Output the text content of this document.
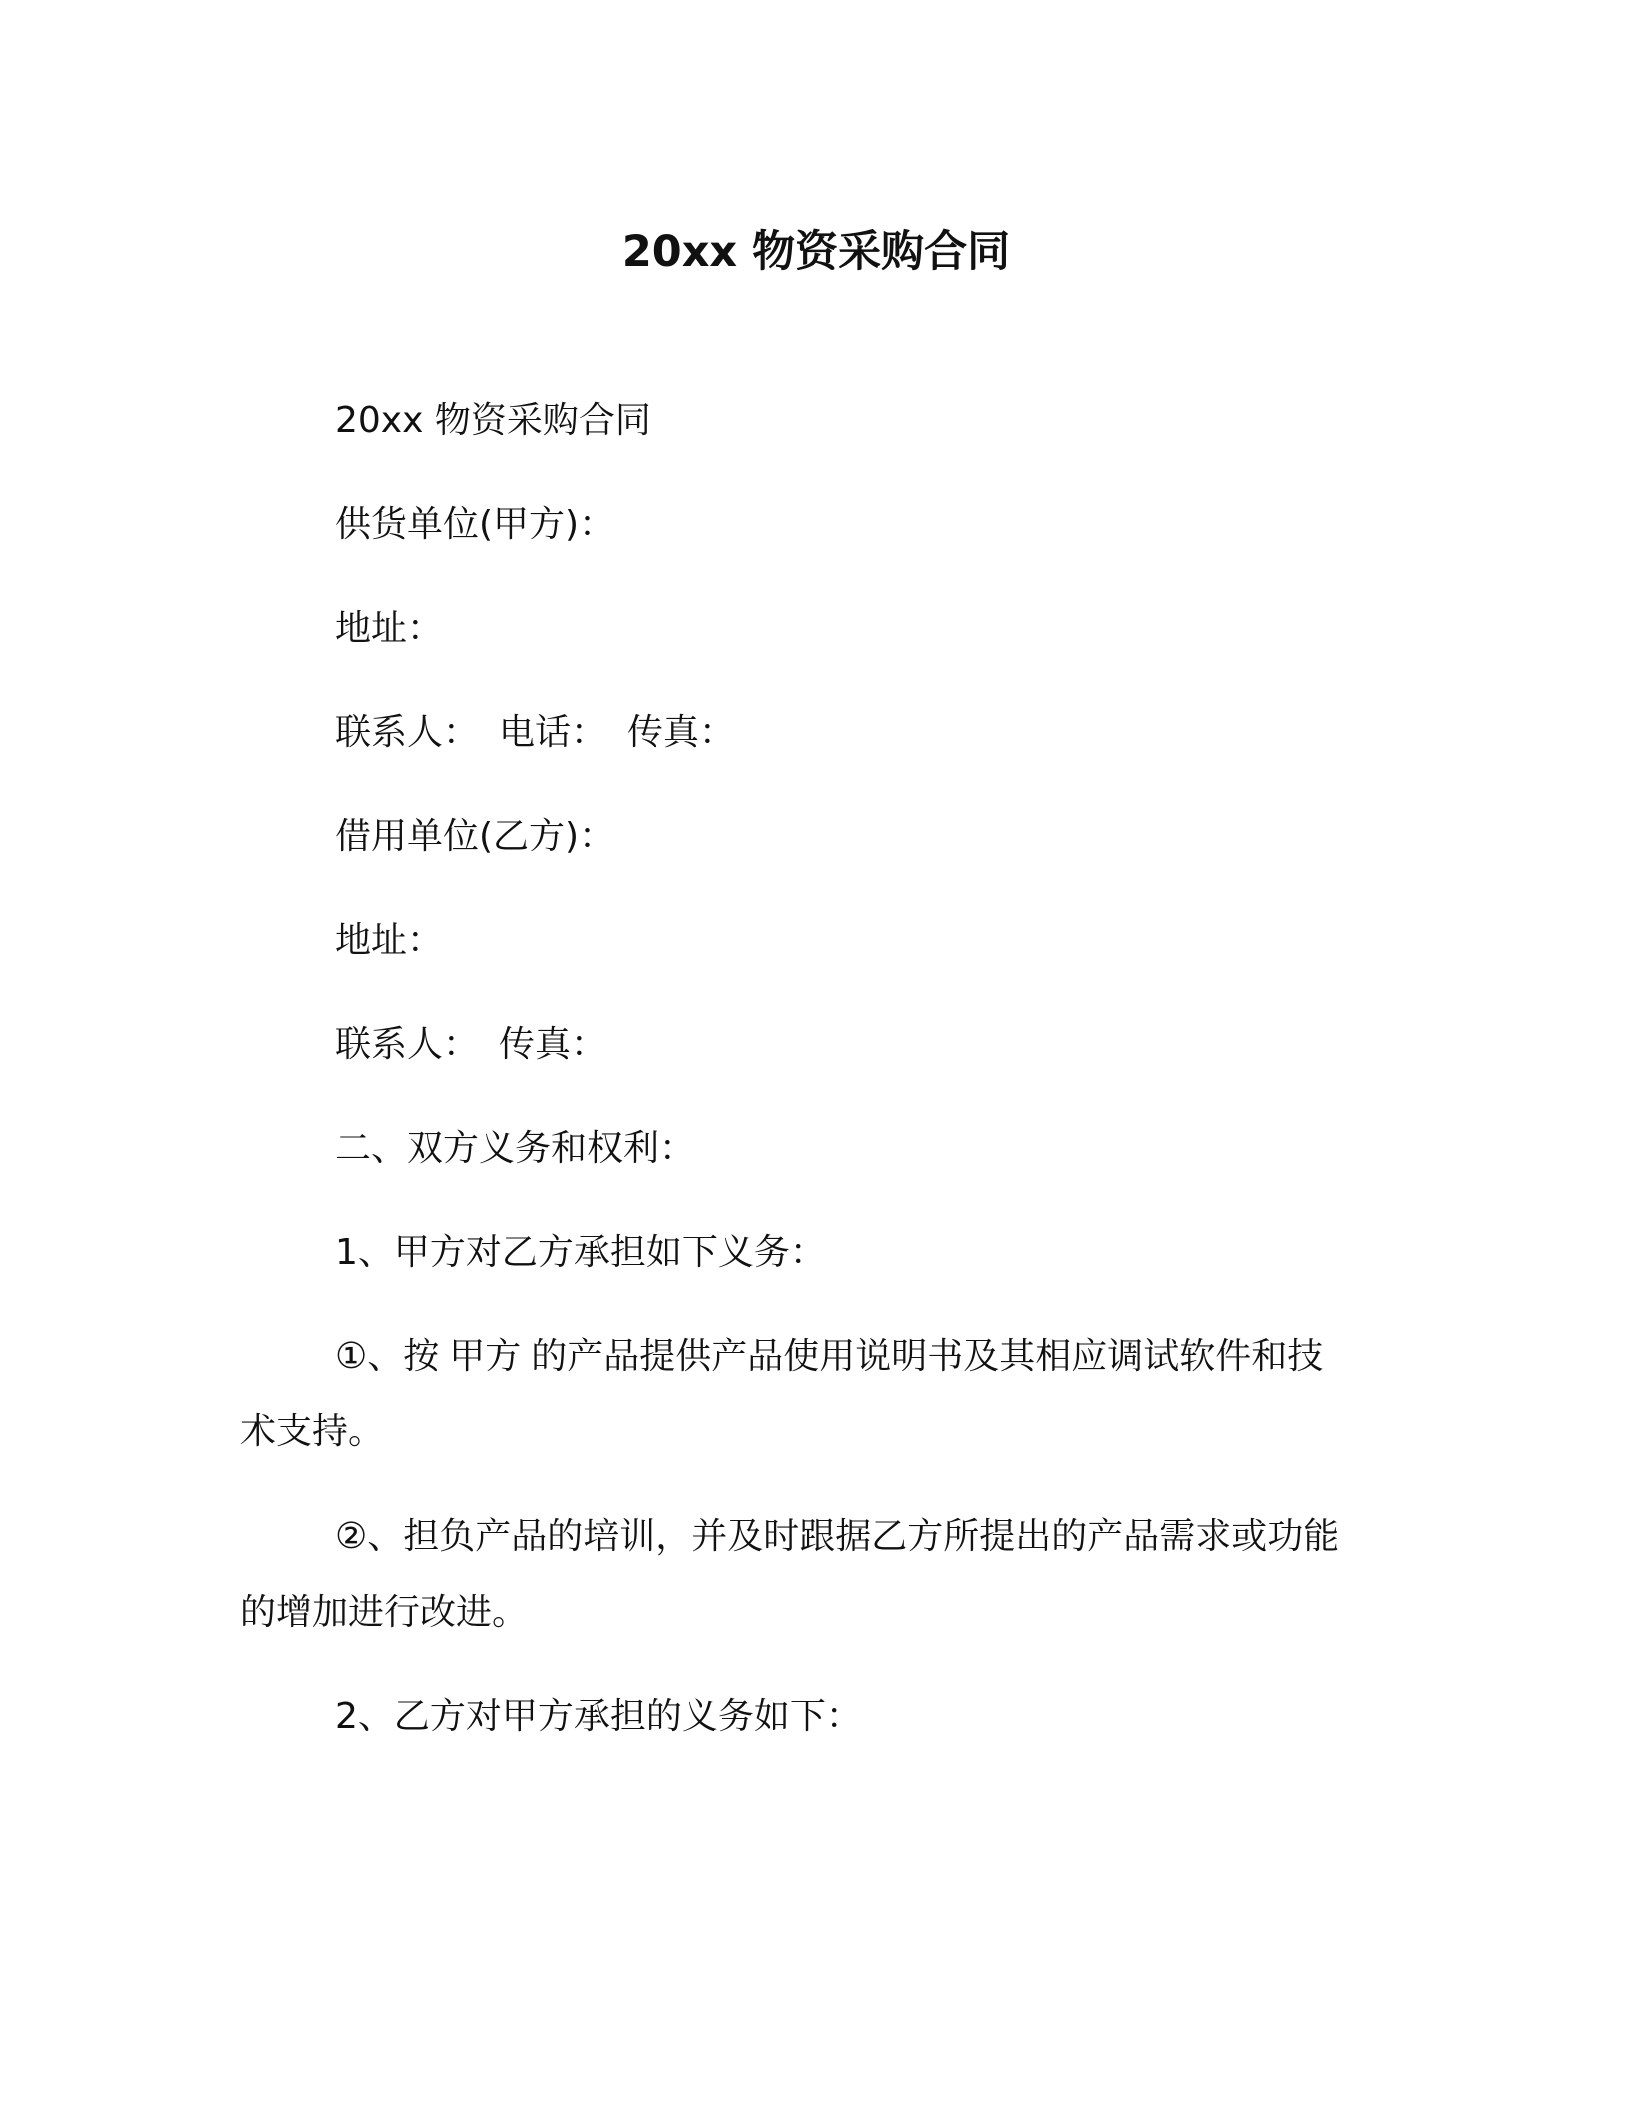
20xx 物资采购合同
20xx 物资采购合同
供货单位(甲方)：
地址：
联系人： 电话： 传真：
借用单位(乙方)：
地址：
联系人： 传真：
二、双方义务和权利：
1、甲方对乙方承担如下义务：
①、按 甲方 的产品提供产品使用说明书及其相应调试软件和技
术支持。
②、担负产品的培训，并及时跟据乙方所提出的产品需求或功能
的增加进行改进。
2、乙方对甲方承担的义务如下：
